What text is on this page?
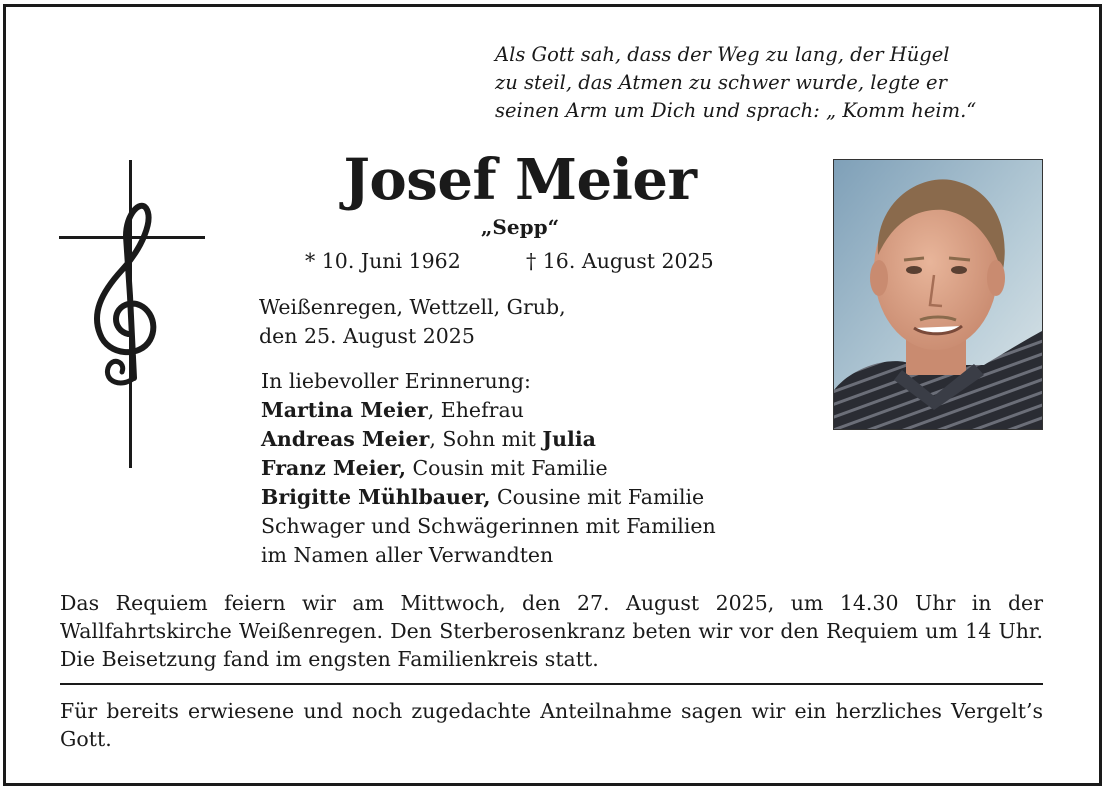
Als Gott sah, dass der Weg zu lang, der Hügel
zu steil, das Atmen zu schwer wurde, legte er
seinen Arm um Dich und sprach: „ Komm heim.“
Josef Meier
„Sepp“
* 10. Juni 1962	† 16. August 2025
Weißenregen, Wettzell, Grub,
den 25. August 2025
In liebevoller Erinnerung:
Martina Meier, Ehefrau
Andreas Meier, Sohn mit Julia
Franz Meier, Cousin mit Familie
Brigitte Mühlbauer, Cousine mit Familie
Schwager und Schwägerinnen mit Familien
im Namen aller Verwandten
Das Requiem feiern wir am Mittwoch, den 27. August 2025, um 14.30 Uhr in der Wallfahrtskirche Weißenregen. Den Sterberosenkranz beten wir vor den Requiem um 14 Uhr. Die Beisetzung fand im engsten Familienkreis statt.
Für bereits erwiesene und noch zugedachte Anteilnahme sagen wir ein herzliches Vergelt’s Gott.
